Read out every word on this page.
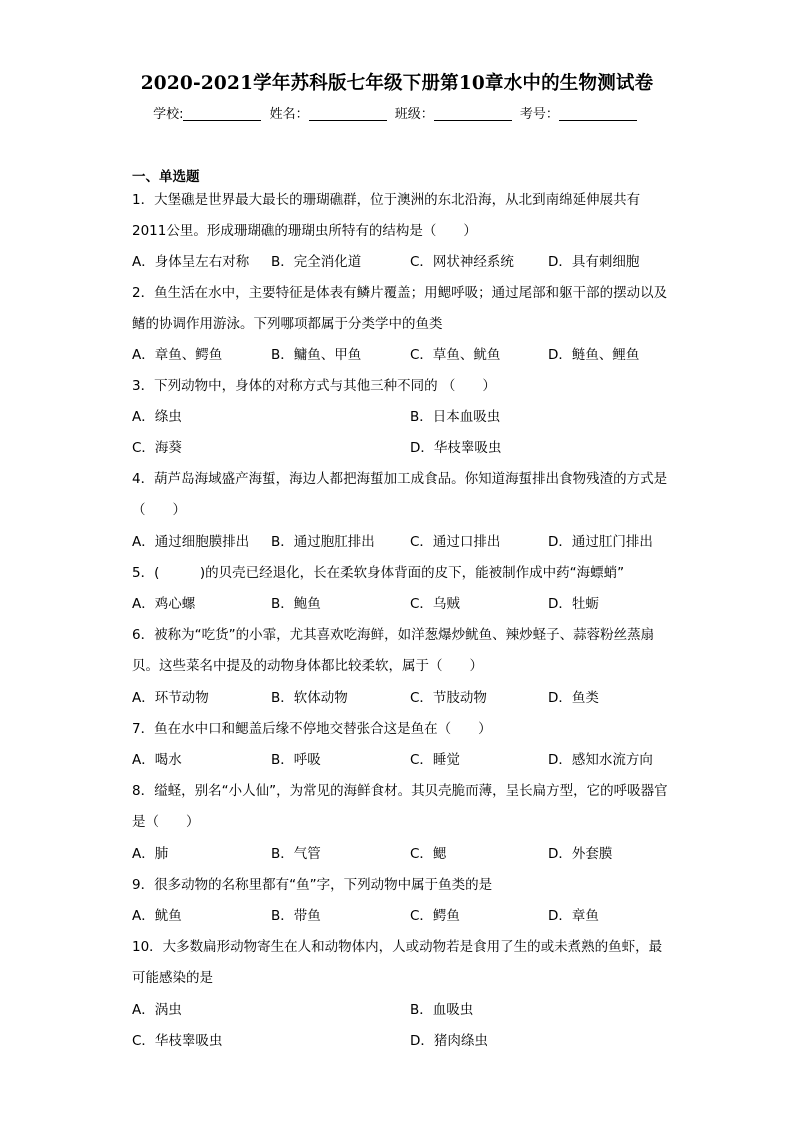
2020-2021学年苏科版七年级下册第10章水中的生物测试卷
学校:	姓名：	班级：	考号：
一、单选题
1．大堡礁是世界最大最长的珊瑚礁群，位于澳洲的东北沿海，从北到南绵延伸展共有2011公里。形成珊瑚礁的珊瑚虫所特有的结构是（　　）
A．身体呈左右对称 B．完全消化道	C．网状神经系统	D．具有刺细胞
2．鱼生活在水中，主要特征是体表有鳞片覆盖；用鳃呼吸；通过尾部和躯干部的摆动以及鳍的协调作用游泳。下列哪项都属于分类学中的鱼类
A．章鱼、鳄鱼	B．鳙鱼、甲鱼	C．草鱼、鱿鱼	D．鲢鱼、鲤鱼
3．下列动物中，身体的对称方式与其他三种不同的 （　　）
A．绦虫	B．日本血吸虫
C．海葵	D．华枝睾吸虫
4．葫芦岛海域盛产海蜇，海边人都把海蜇加工成食品。你知道海蜇排出食物残渣的方式是（　　）
A．通过细胞膜排出 B．通过胞肛排出	C．通过口排出	D．通过肛门排出
5．(　　　)的贝壳已经退化，长在柔软身体背面的皮下，能被制作成中药“海螵蛸”
A．鸡心螺	B．鲍鱼	C．乌贼	D．牡蛎
6．被称为“吃货”的小霏，尤其喜欢吃海鲜，如洋葱爆炒鱿鱼、辣炒蛏子、蒜蓉粉丝蒸扇贝。这些菜名中提及的动物身体都比较柔软，属于（　　）
A．环节动物	B．软体动物	C．节肢动物	D．鱼类
7．鱼在水中口和鳃盖后缘不停地交替张合这是鱼在（　　）
A．喝水	B．呼吸	C．睡觉	D．感知水流方向
8．缢蛏，别名“小人仙”，为常见的海鲜食材。其贝壳脆而薄，呈长扁方型，它的呼吸器官是（　　）
A．肺	B．气管	C．鳃	D．外套膜
9．很多动物的名称里都有“鱼”字，下列动物中属于鱼类的是
A．鱿鱼	B．带鱼	C．鳄鱼	D．章鱼
10．大多数扁形动物寄生在人和动物体内，人或动物若是食用了生的或未煮熟的鱼虾，最可能感染的是
A．涡虫	B．血吸虫
C．华枝睾吸虫	D．猪肉绦虫
